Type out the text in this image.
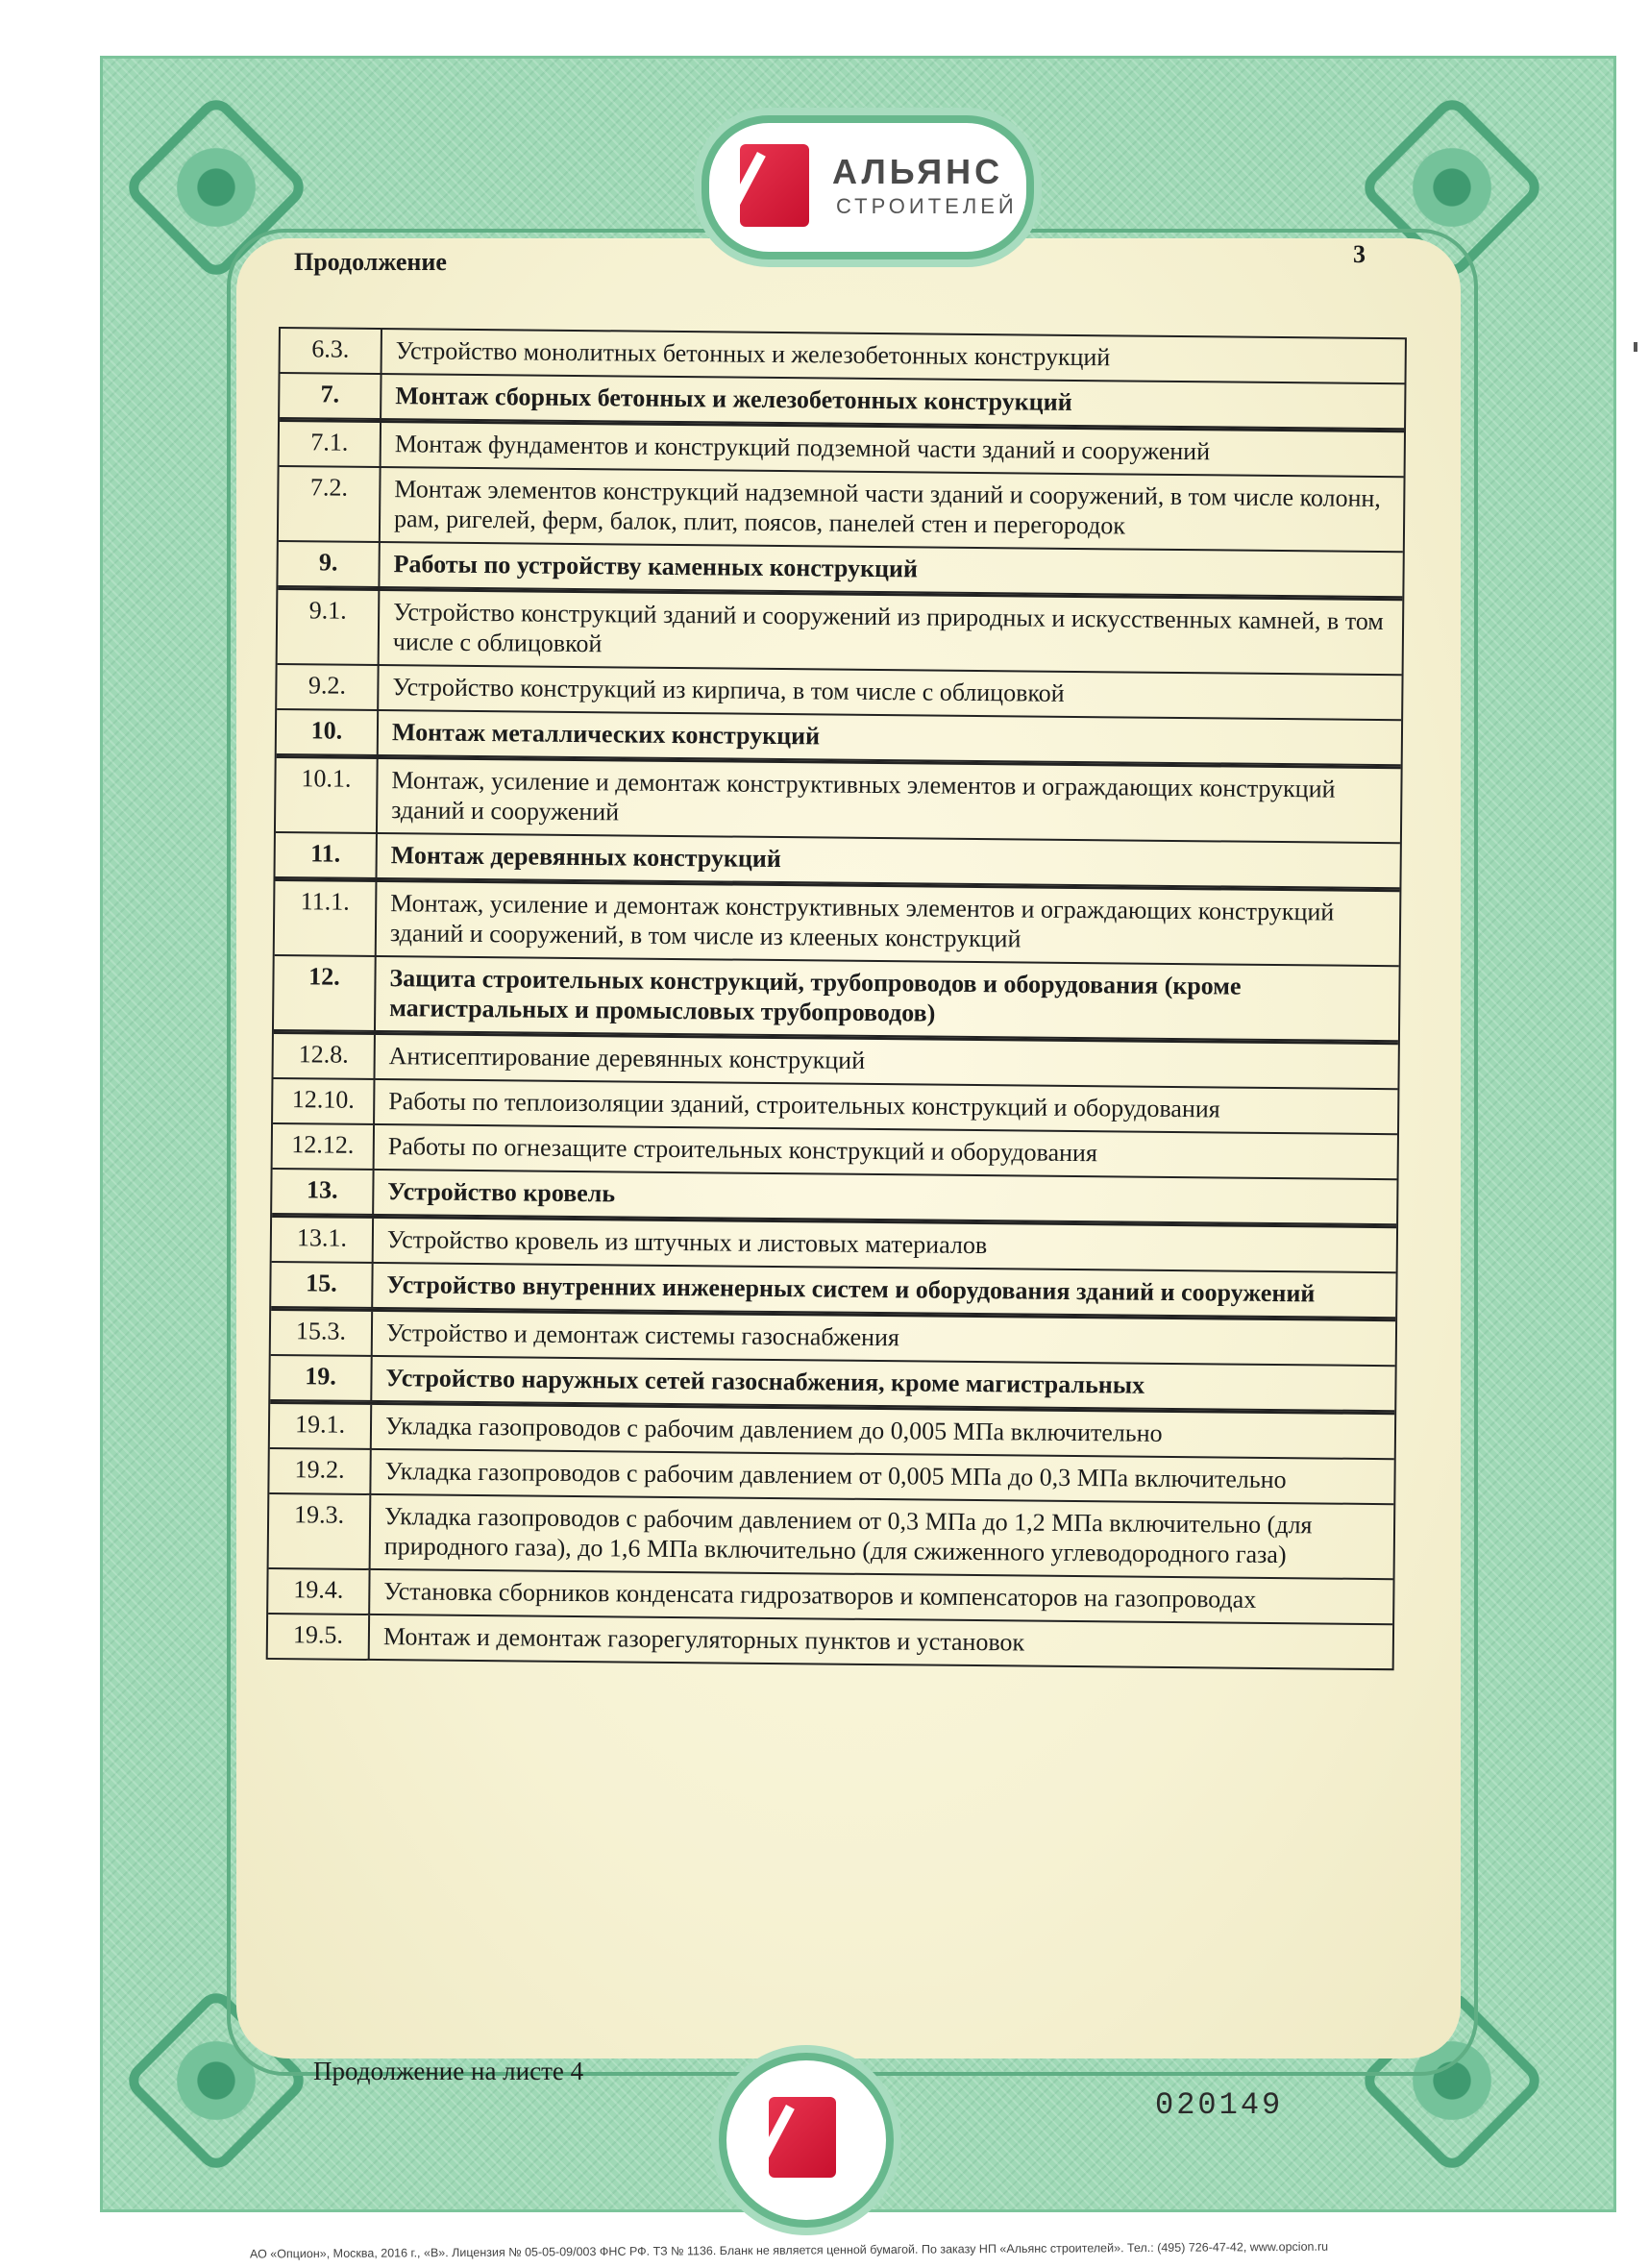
АЛЬЯНС
СТРОИТЕЛЕЙ
Продолжение	3
6.3.	Устройство монолитных бетонных и железобетонных конструкций
7.	Монтаж сборных бетонных и железобетонных конструкций
7.1.	Монтаж фундаментов и конструкций подземной части зданий и сооружений
7.2.	Монтаж элементов конструкций надземной части зданий и сооружений, в том числе колонн, рам, ригелей, ферм, балок, плит, поясов, панелей стен и перегородок
9.	Работы по устройству каменных конструкций
9.1.	Устройство конструкций зданий и сооружений из природных и искусственных камней, в том числе с облицовкой
9.2.	Устройство конструкций из кирпича, в том числе с облицовкой
10.	Монтаж металлических конструкций
10.1.	Монтаж, усиление и демонтаж конструктивных элементов и ограждающих конструкций зданий и сооружений
11.	Монтаж деревянных конструкций
11.1.	Монтаж, усиление и демонтаж конструктивных элементов и ограждающих конструкций зданий и сооружений, в том числе из клееных конструкций
12.	Защита строительных конструкций, трубопроводов и оборудования (кроме магистральных и промысловых трубопроводов)
12.8.	Антисептирование деревянных конструкций
12.10.	Работы по теплоизоляции зданий, строительных конструкций и оборудования
12.12.	Работы по огнезащите строительных конструкций и оборудования
13.	Устройство кровель
13.1.	Устройство кровель из штучных и листовых материалов
15.	Устройство внутренних инженерных систем и оборудования зданий и сооружений
15.3.	Устройство и демонтаж системы газоснабжения
19.	Устройство наружных сетей газоснабжения, кроме магистральных
19.1.	Укладка газопроводов с рабочим давлением до 0,005 МПа включительно
19.2.	Укладка газопроводов с рабочим давлением от 0,005 МПа до 0,3 МПа включительно
19.3.	Укладка газопроводов с рабочим давлением от 0,3 МПа до 1,2 МПа включительно (для природного газа), до 1,6 МПа включительно (для сжиженного углеводородного газа)
19.4.	Установка сборников конденсата гидрозатворов и компенсаторов на газопроводах
19.5.	Монтаж и демонтаж газорегуляторных пунктов и установок
Продолжение на листе 4
020149
АО «Опцион», Москва, 2016 г., «В». Лицензия № 05-05-09/003 ФНС РФ. ТЗ № 1136. Бланк не является ценной бумагой. По заказу НП «Альянс строителей». Тел.: (495) 726-47-42, www.opcion.ru
